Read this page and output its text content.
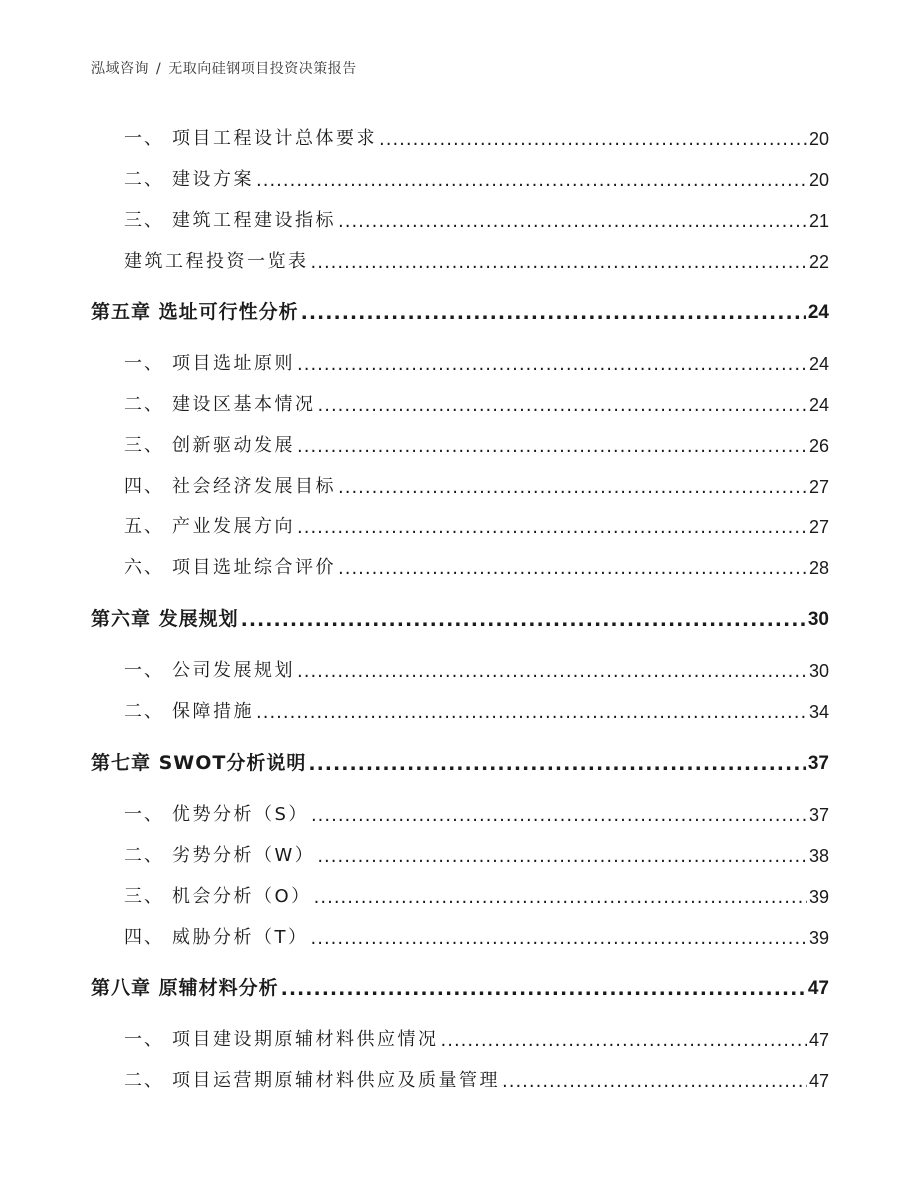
泓域咨询 / 无取向硅钢项目投资决策报告
一、 项目工程设计总体要求 .....	20
二、 建设方案 .....	20
三、 建筑工程建设指标 .....	21
建筑工程投资一览表 .....	22
第五章 选址可行性分析 .....	24
一、 项目选址原则 .....	24
二、 建设区基本情况 .....	24
三、 创新驱动发展 .....	26
四、 社会经济发展目标 .....	27
五、 产业发展方向 .....	27
六、 项目选址综合评价 .....	28
第六章 发展规划 .....	30
一、 公司发展规划 .....	30
二、 保障措施 .....	34
第七章 SWOT分析说明 .....	37
一、 优势分析（S） .....	37
二、 劣势分析（W） .....	38
三、 机会分析（O） .....	39
四、 威胁分析（T） .....	39
第八章 原辅材料分析 .....	47
一、 项目建设期原辅材料供应情况 .....	47
二、 项目运营期原辅材料供应及质量管理 .....	47
